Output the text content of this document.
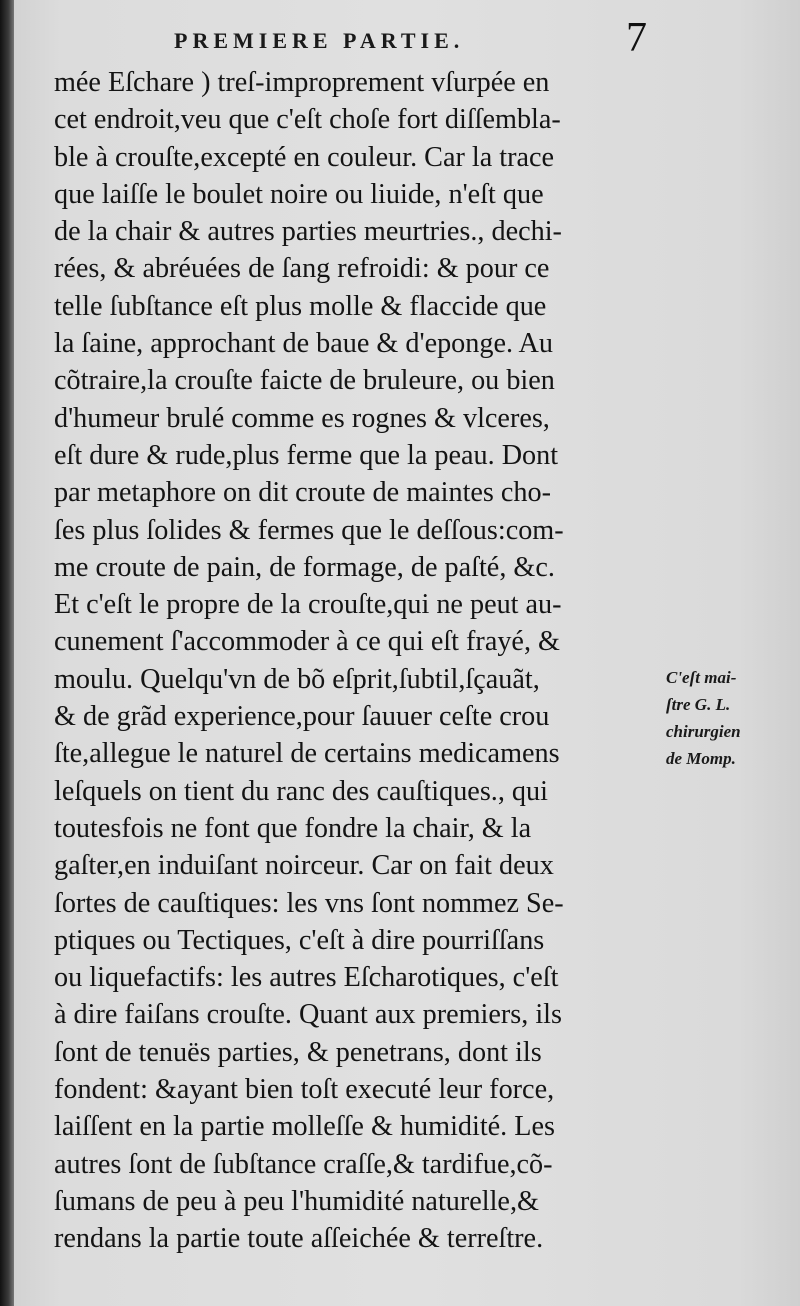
PREMIERE PARTIE.	7

mée Eſchare ) treſ-improprement vſurpée en
cet endroit,veu que c'eſt choſe fort diſſembla-
ble à crouſte,excepté en couleur. Car la trace
que laiſſe le boulet noire ou liuide, n'eſt que
de la chair & autres parties meurtries., dechi-
rées, & abréuées de ſang refroidi: & pour ce
telle ſubſtance eſt plus molle & flaccide que
la ſaine, approchant de baue & d'eponge. Au
cõtraire,la crouſte faicte de bruleure, ou bien
d'humeur brulé comme es rognes & vlceres,
eſt dure & rude,plus ferme que la peau. Dont
par metaphore on dit croute de maintes cho-
ſes plus ſolides & fermes que le deſſous:com-
me croute de pain, de formage, de paſté, &c.
Et c'eſt le propre de la crouſte,qui ne peut au-
cunement ſ'accommoder à ce qui eſt frayé, &
moulu. Quelqu'vn de bõ eſprit,ſubtil,ſçauãt,
& de grãd experience,pour ſauuer ceſte crou
ſte,allegue le naturel de certains medicamens
leſquels on tient du ranc des cauſtiques., qui
toutesfois ne font que fondre la chair, & la
gaſter,en induiſant noirceur. Car on fait deux
ſortes de cauſtiques: les vns ſont nommez Se-
ptiques ou Tectiques, c'eſt à dire pourriſſans
ou liquefactifs: les autres Eſcharotiques, c'eſt
à dire faiſans crouſte. Quant aux premiers, ils
ſont de tenuës parties, & penetrans, dont ils
fondent: &ayant bien toſt executé leur force,
laiſſent en la partie molleſſe & humidité. Les
autres ſont de ſubſtance craſſe,& tardifue,cõ-
ſumans de peu à peu l'humidité naturelle,&
rendans la partie toute aſſeichée & terreſtre.

C'eſt mai-
ſtre G. L.
chirurgien
de Momp.
